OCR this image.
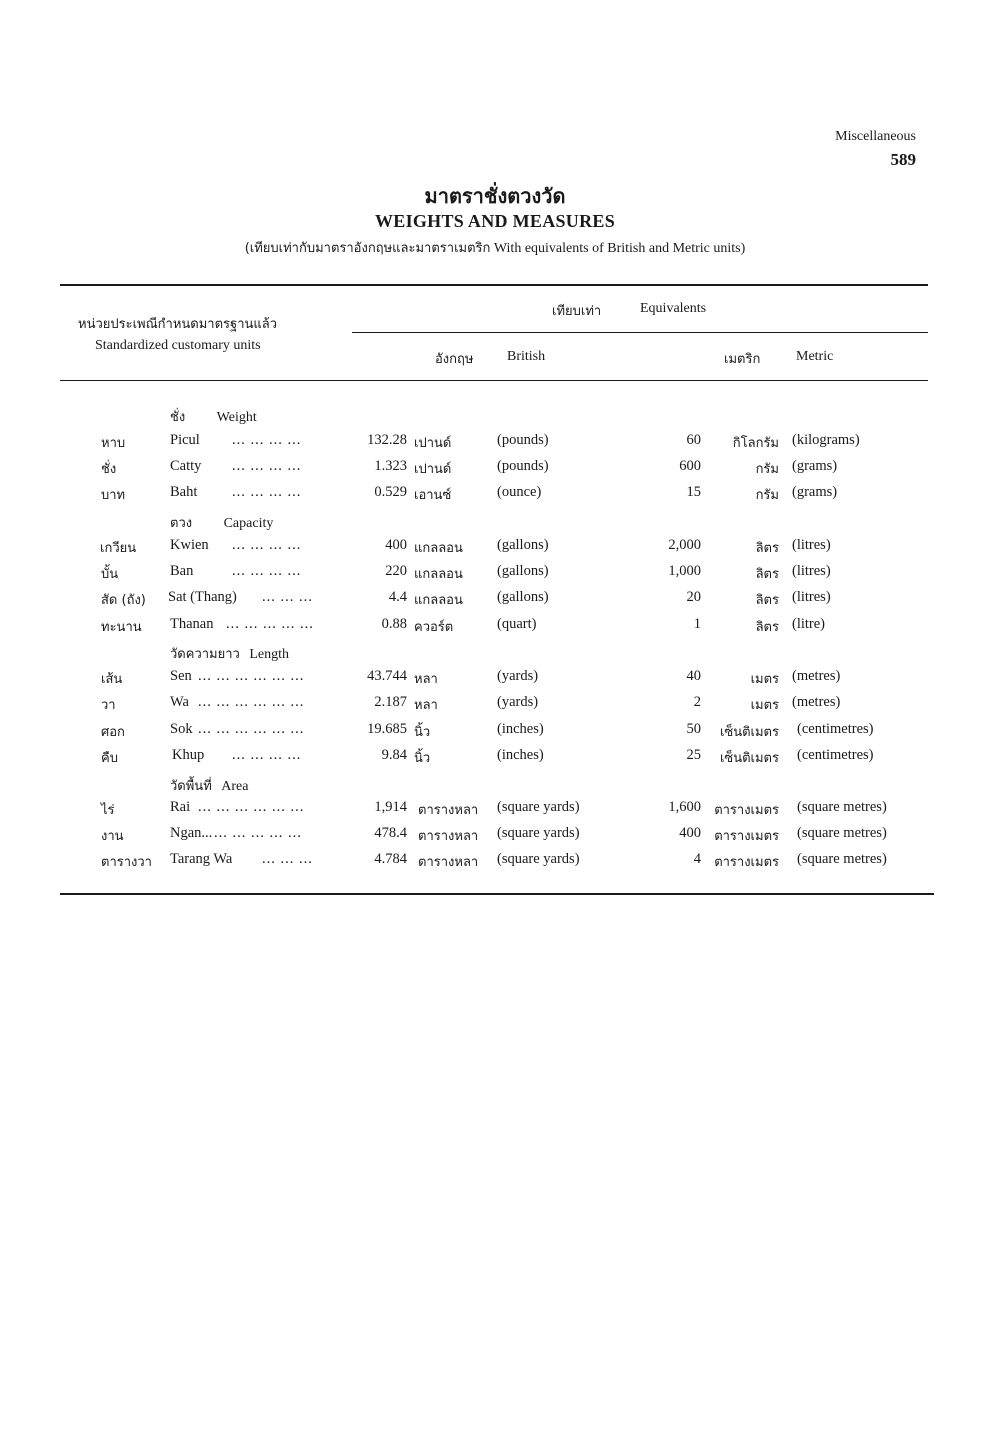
Miscellaneous
589
มาตราชั่งตวงวัด
WEIGHTS AND MEASURES
(เทียบเท่ากับมาตราอังกฤษและมาตราเมตริก With equivalents of British and Metric units)
หน่วยประเพณีกำหนดมาตรฐานแล้ว
Standardized customary units
เทียบเท่า	Equivalents
อังกฤษ British	เมตริก	Metric
ชั่ง Weight
ตวง Capacity
วัดความยาว Length
วัดพื้นที่ Area
หาบ	Picul ... ... ... ...	132.28 เปานด์	(pounds)	60 กิโลกรัม (kilograms)
ชั่ง	Catty ... ... ... ...	1.323 เปานด์	(pounds)	600	กรัม (grams)
บาท	Baht ... ... ... ...	0.529 เอานซ์	(ounce)	15	กรัม (grams)
เกวียน Kwien ... ... ... ...	400 แกลลอน (gallons)	2,000	ลิตร (litres)
บั้น	Ban	... ... ... ...	220 แกลลอน (gallons)	1,000	ลิตร (litres)
สัด (ถัง) Sat (Thang) ... ... ...	4.4 แกลลอน (gallons)	20	ลิตร (litres)
ทะนาน Thanan ... ... ... ... ...	0.88 ควอร์ต	(quart)	1	ลิตร (litre)
เส้น	Sen ... ... ... ... ... ...	43.744 หลา	(yards)	40	เมตร (metres)
วา	Wa ... ... ... ... ... ...	2.187 หลา	(yards)	2	เมตร (metres)
ศอก	Sok ... ... ... ... ... ...	19.685 นิ้ว	(inches)	50 เซ็นติเมตร (centimetres)
คืบ	Khup ... ... ... ...	9.84 นิ้ว	(inches)	25 เซ็นติเมตร (centimetres)
ไร่	Rai ... ... ... ... ... ...	1,914 ตารางหลา (square yards)	1,600 ตารางเมตร (square metres)
งาน	Ngan... ... ... ... ... ...	478.4 ตารางหลา (square yards)	400 ตารางเมตร (square metres)
ตารางวา Tarang Wa ... ... ...	4.784 ตารางหลา (square yards)	4 ตารางเมตร (square metres)
